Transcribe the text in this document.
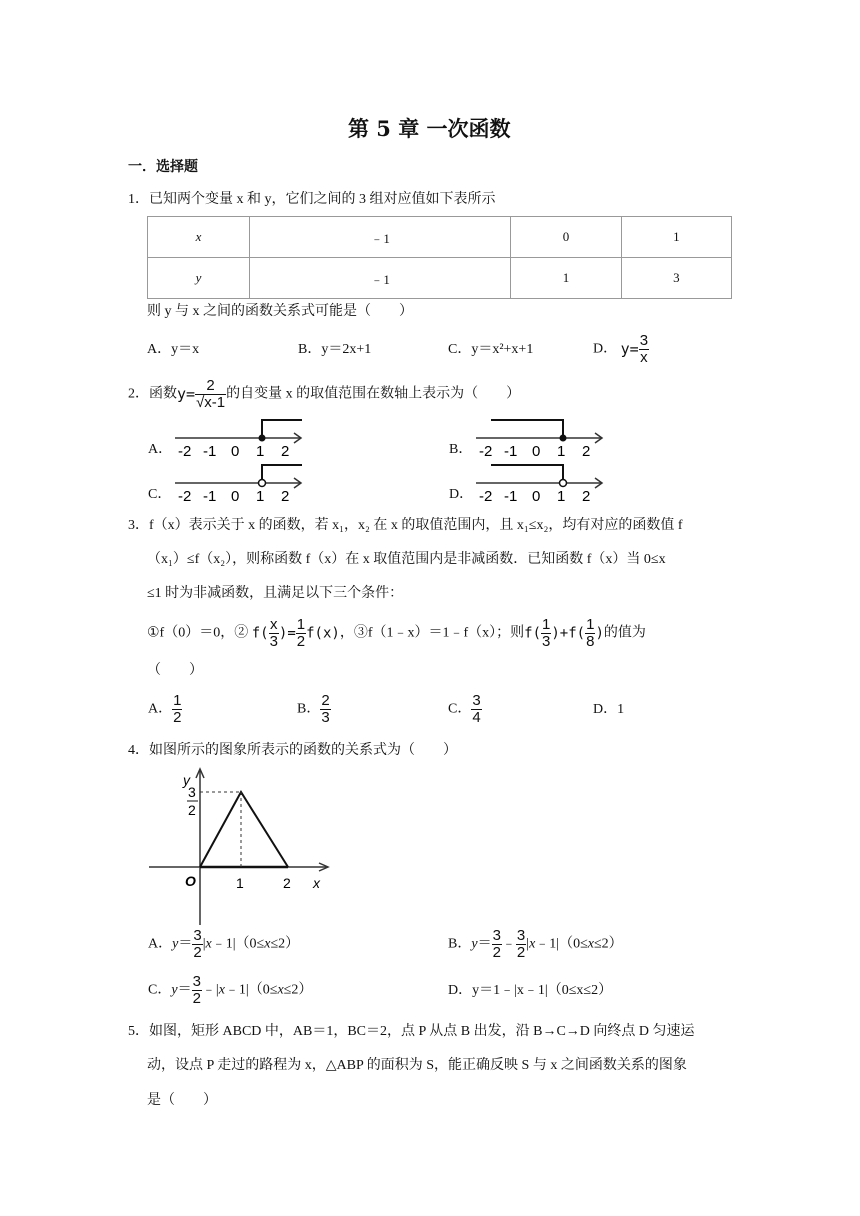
第 5 章 一次函数
一．选择题
1．已知两个变量 x 和 y，它们之间的 3 组对应值如下表所示
x	﹣1	0	1
y	﹣1	1	3
则 y 与 x 之间的函数关系式可能是（　　）
A．y＝x	B．y＝2x+1	C．y＝x²+x+1	D． $y= \frac{3}{x}$
2．函数$y= \frac{2}{√x-1}$ 的自变量 x 的取值范围在数轴上表示为（　　）
A．	B．
C．	D．
-2 -1 0 1 2	-2 -1 0 1 2
-2 -1 0 1 2	-2 -1 0 1 2
3．f（x）表示关于 x 的函数，若 x₁，x₂ 在 x 的取值范围内，且 x₁≤x₂，均有对应的函数值 f
（x₁）≤f（x₂），则称函数 f（x）在 x 取值范围内是非减函数．已知函数 f（x）当 0≤x
≤1 时为非减函数，且满足以下三个条件：
①f（0）＝0，② $f( \frac{x}{3}$ )= $\frac{1}{2} f(x)$，③f（1﹣x）＝1﹣f（x）；则$f( \frac{1}{3} )+f( \frac{1}{8}$ )的值为
（　　）
A． $\frac{1}{2}$	B． $\frac{2}{3}$	C． $\frac{3}{4}$	D．1
4．如图所示的图象所表示的函数的关系式为（　　）
y
3
2
O	1	2 x
A．$y= \frac{3}{2}$ |x﹣1|（0≤x≤2）	B．$y= \frac{3}{2}$ ﹣ $\frac{3}{2}$ |x﹣1|（0≤x≤2）
C．$y= \frac{3}{2}$ ﹣|x﹣1|（0≤x≤2）	D．y＝1﹣|x﹣1|（0≤x≤2）
5．如图，矩形 ABCD 中，AB＝1，BC＝2，点 P 从点 B 出发，沿 B→C→D 向终点 D 匀速运
动，设点 P 走过的路程为 x，△ABP 的面积为 S，能正确反映 S 与 x 之间函数关系的图象
是（　　）
